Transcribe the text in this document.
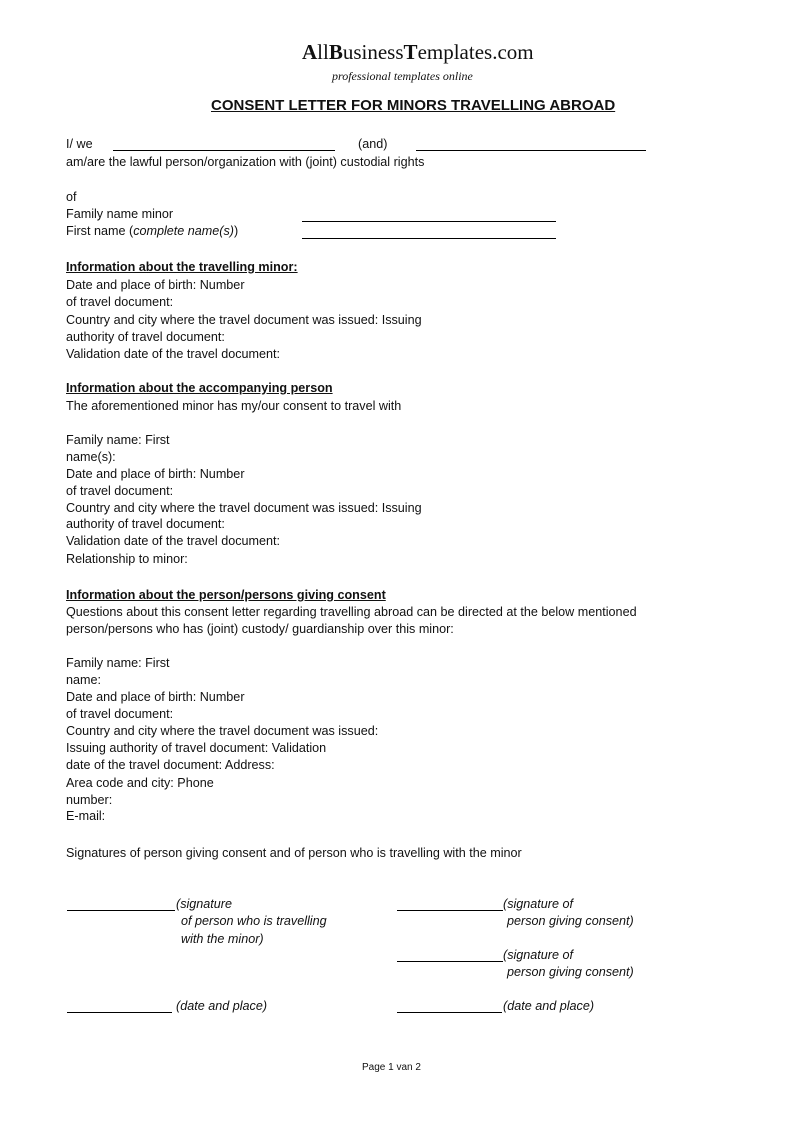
AllBusinessTemplates.com
professional templates online
CONSENT LETTER FOR MINORS TRAVELLING ABROAD
I/ we	(and)
am/are the lawful person/organization with (joint) custodial rights
of
Family name minor
First name (complete name(s))
Information about the travelling minor:
Date and place of birth: Number
of travel document:
Country and city where the travel document was issued: Issuing
authority of travel document:
Validation date of the travel document:
Information about the accompanying person
The aforementioned minor has my/our consent to travel with
Family name: First
name(s):
Date and place of birth: Number
of travel document:
Country and city where the travel document was issued: Issuing
authority of travel document:
Validation date of the travel document:
Relationship to minor:
Information about the person/persons giving consent
Questions about this consent letter regarding travelling abroad can be directed at the below mentioned
person/persons who has (joint) custody/ guardianship over this minor:
Family name: First
name:
Date and place of birth: Number
of travel document:
Country and city where the travel document was issued:
Issuing authority of travel document: Validation
date of the travel document: Address:
Area code and city: Phone
number:
E-mail:
Signatures of person giving consent and of person who is travelling with the minor
(signature
of person who is travelling
with the minor)
(signature of
person giving consent)
(signature of
person giving consent)
(date and place)	(date and place)
Page 1 van 2
